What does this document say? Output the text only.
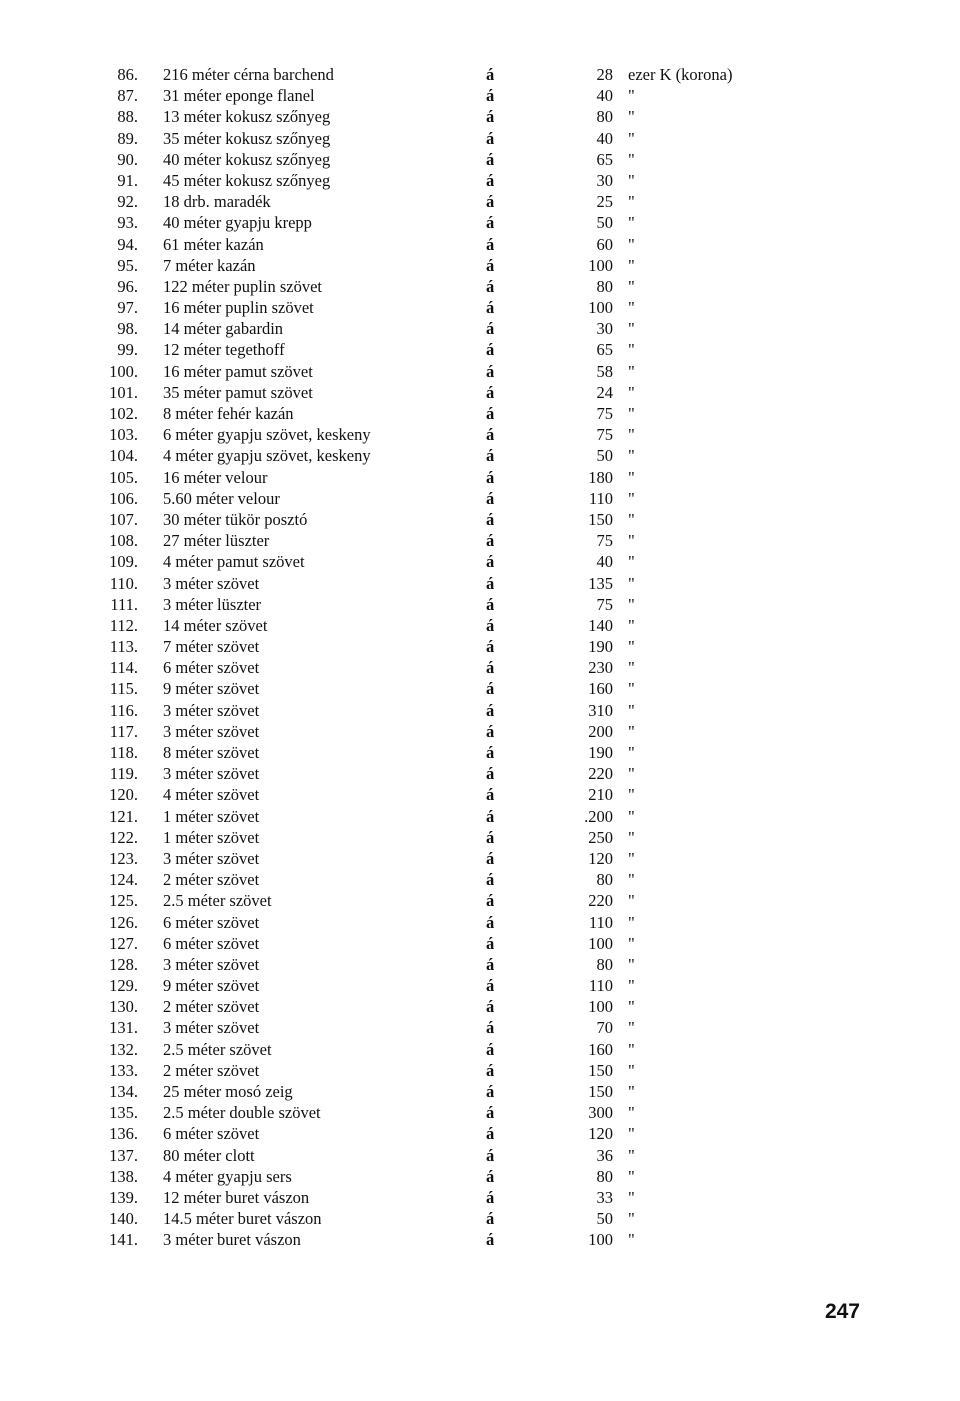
86. 216 méter cérna barchend	á	28 ezer K (korona)
87. 31 méter eponge flanel	á	40 "
88. 13 méter kokusz szőnyeg	á	80 "
89. 35 méter kokusz szőnyeg	á	40 "
90. 40 méter kokusz szőnyeg	á	65 "
91. 45 méter kokusz szőnyeg	á	30 "
92. 18 drb. maradék	á	25 "
93. 40 méter gyapju krepp	á	50 "
94. 61 méter kazán	á	60 "
95. 7 méter kazán	á	100 "
96. 122 méter puplin szövet	á	80 "
97. 16 méter puplin szövet	á	100 "
98. 14 méter gabardin	á	30 "
99. 12 méter tegethoff	á	65 "
100. 16 méter pamut szövet	á	58 "
101. 35 méter pamut szövet	á	24 "
102. 8 méter fehér kazán	á	75 "
103. 6 méter gyapju szövet, keskeny	á	75 "
104. 4 méter gyapju szövet, keskeny	á	50 "
105. 16 méter velour	á	180 "
106. 5.60 méter velour	á	110 "
107. 30 méter tükör posztó	á	150 "
108. 27 méter lüszter	á	75 "
109. 4 méter pamut szövet	á	40 "
110. 3 méter szövet	á	135 "
111. 3 méter lüszter	á	75 "
112. 14 méter szövet	á	140 "
113. 7 méter szövet	á	190 "
114. 6 méter szövet	á	230 "
115. 9 méter szövet	á	160 "
116. 3 méter szövet	á	310 "
117. 3 méter szövet	á	200 "
118. 8 méter szövet	á	190 "
119. 3 méter szövet	á	220 "
120. 4 méter szövet	á	210 "
121. 1 méter szövet	á	.200 "
122. 1 méter szövet	á	250 "
123. 3 méter szövet	á	120 "
124. 2 méter szövet	á	80 "
125. 2.5 méter szövet	á	220 "
126. 6 méter szövet	á	110 "
127. 6 méter szövet	á	100 "
128. 3 méter szövet	á	80 "
129. 9 méter szövet	á	110 "
130. 2 méter szövet	á	100 "
131. 3 méter szövet	á	70 "
132. 2.5 méter szövet	á	160 "
133. 2 méter szövet	á	150 "
134. 25 méter mosó zeig	á	150 "
135. 2.5 méter double szövet	á	300 "
136. 6 méter szövet	á	120 "
137. 80 méter clott	á	36 "
138. 4 méter gyapju sers	á	80 "
139. 12 méter buret vászon	á	33 "
140. 14.5 méter buret vászon	á	50 "
141. 3 méter buret vászon	á	100 "
247
